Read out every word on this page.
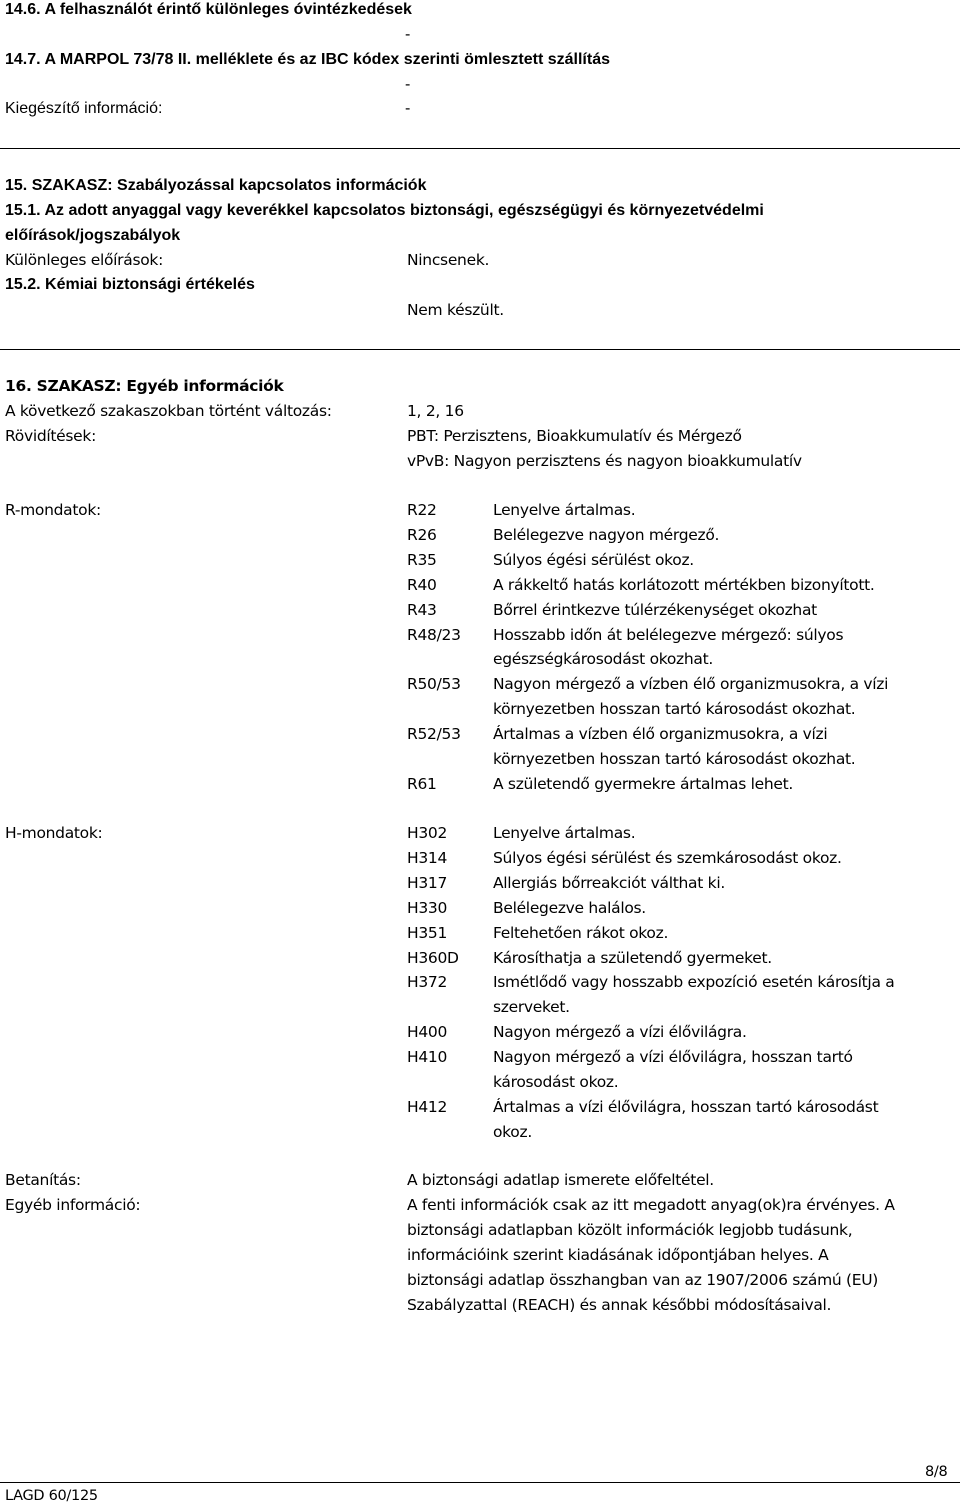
14.6. A felhasználót érintő különleges óvintézkedések
-
14.7. A MARPOL 73/78 II. melléklete és az IBC kódex szerinti ömlesztett szállítás
-
Kiegészítő információ:	-
15. SZAKASZ: Szabályozással kapcsolatos információk
15.1. Az adott anyaggal vagy keverékkel kapcsolatos biztonsági, egészségügyi és környezetvédelmi
előírások/jogszabályok
Különleges előírások:	Nincsenek.
15.2. Kémiai biztonsági értékelés
Nem készült.
16. SZAKASZ: Egyéb információk
A következő szakaszokban történt változás:	1, 2, 16
Rövidítések:	PBT: Perzisztens, Bioakkumulatív és Mérgező
vPvB: Nagyon perzisztens és nagyon bioakkumulatív
R-mondatok:	R22	Lenyelve ártalmas.
R26	Belélegezve nagyon mérgező.
R35	Súlyos égési sérülést okoz.
R40	A rákkeltő hatás korlátozott mértékben bizonyított.
R43	Bőrrel érintkezve túlérzékenységet okozhat
R48/23 Hosszabb időn át belélegezve mérgező: súlyos
egészségkárosodást okozhat.
R50/53 Nagyon mérgező a vízben élő organizmusokra, a vízi
környezetben hosszan tartó károsodást okozhat.
R52/53 Ártalmas a vízben élő organizmusokra, a vízi
környezetben hosszan tartó károsodást okozhat.
R61	A születendő gyermekre ártalmas lehet.
H-mondatok:	H302	Lenyelve ártalmas.
H314	Súlyos égési sérülést és szemkárosodást okoz.
H317	Allergiás bőrreakciót válthat ki.
H330	Belélegezve halálos.
H351	Feltehetően rákot okoz.
H360D Károsíthatja a születendő gyermeket.
H372	Ismétlődő vagy hosszabb expozíció esetén károsítja a
szerveket.
H400	Nagyon mérgező a vízi élővilágra.
H410	Nagyon mérgező a vízi élővilágra, hosszan tartó
károsodást okoz.
H412	Ártalmas a vízi élővilágra, hosszan tartó károsodást
okoz.
Betanítás:	A biztonsági adatlap ismerete előfeltétel.
Egyéb információ:	A fenti információk csak az itt megadott anyag(ok)ra érvényes. A
biztonsági adatlapban közölt információk legjobb tudásunk,
információink szerint kiadásának időpontjában helyes. A
biztonsági adatlap összhangban van az 1907/2006 számú (EU)
Szabályzattal (REACH) és annak későbbi módosításaival.
LAGD 60/125
8/8
